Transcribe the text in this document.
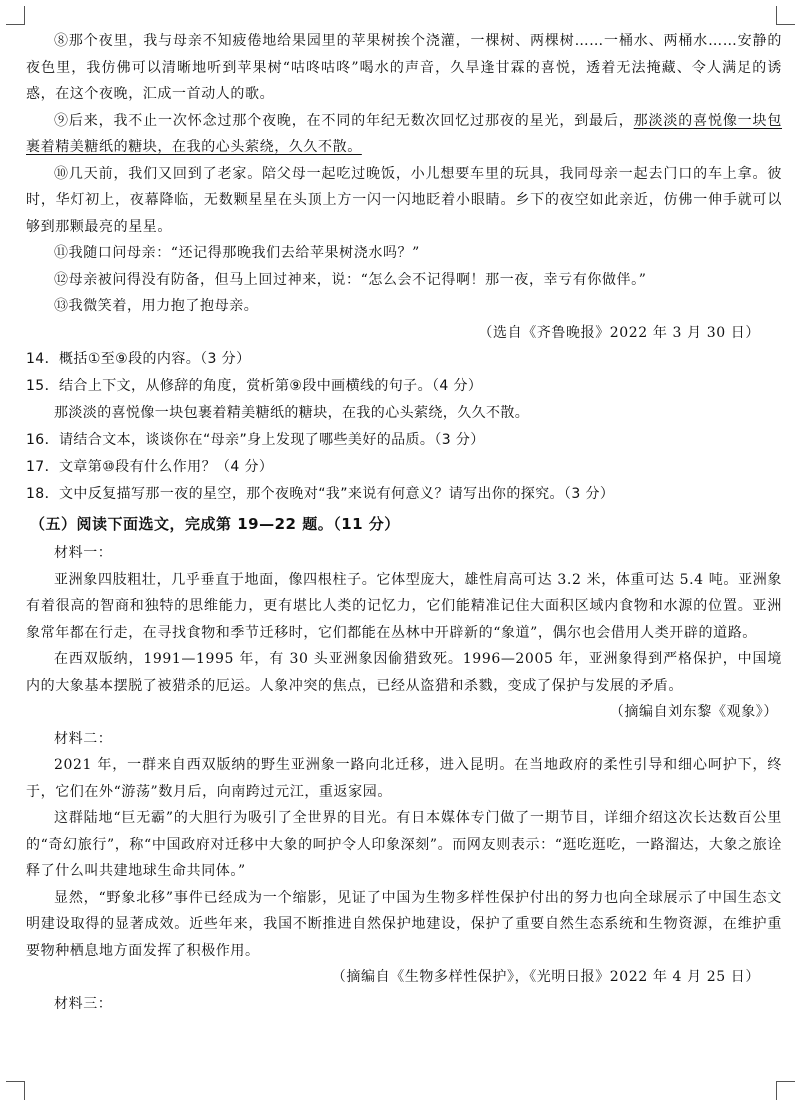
⑧那个夜里，我与母亲不知疲倦地给果园里的苹果树挨个浇灌，一棵树、两棵树……一桶水、两桶水……安静的夜色里，我仿佛可以清晰地听到苹果树“咕咚咕咚”喝水的声音，久旱逢甘霖的喜悦，透着无法掩藏、令人满足的诱惑，在这个夜晚，汇成一首动人的歌。

⑨后来，我不止一次怀念过那个夜晚，在不同的年纪无数次回忆过那夜的星光，到最后，那淡淡的喜悦像一块包裹着精美糖纸的糖块，在我的心头萦绕，久久不散。

⑩几天前，我们又回到了老家。陪父母一起吃过晚饭，小儿想要车里的玩具，我同母亲一起去门口的车上拿。彼时，华灯初上，夜幕降临，无数颗星星在头顶上方一闪一闪地眨着小眼睛。乡下的夜空如此亲近，仿佛一伸手就可以够到那颗最亮的星星。

⑪我随口问母亲：“还记得那晚我们去给苹果树浇水吗？”

⑫母亲被问得没有防备，但马上回过神来，说：“怎么会不记得啊！那一夜，幸亏有你做伴。”

⑬我微笑着，用力抱了抱母亲。

（选自《齐鲁晚报》2022 年 3 月 30 日）

14．概括①至⑨段的内容。（3 分）

15．结合上下文，从修辞的角度，赏析第⑨段中画横线的句子。（4 分）

那淡淡的喜悦像一块包裹着精美糖纸的糖块，在我的心头萦绕，久久不散。

16．请结合文本，谈谈你在“母亲”身上发现了哪些美好的品质。（3 分）

17．文章第⑩段有什么作用？（4 分）

18．文中反复描写那一夜的星空，那个夜晚对“我”来说有何意义？请写出你的探究。（3 分）

（五）阅读下面选文，完成第 19—22 题。（11 分）

材料一：

亚洲象四肢粗壮，几乎垂直于地面，像四根柱子。它体型庞大，雄性肩高可达 3.2 米，体重可达 5.4 吨。亚洲象有着很高的智商和独特的思维能力，更有堪比人类的记忆力，它们能精准记住大面积区域内食物和水源的位置。亚洲象常年都在行走，在寻找食物和季节迁移时，它们都能在丛林中开辟新的“象道”，偶尔也会借用人类开辟的道路。

在西双版纳，1991—1995 年，有 30 头亚洲象因偷猎致死。1996—2005 年，亚洲象得到严格保护，中国境内的大象基本摆脱了被猎杀的厄运。人象冲突的焦点，已经从盗猎和杀戮，变成了保护与发展的矛盾。

（摘编自刘东黎《观象》）

材料二：

2021 年，一群来自西双版纳的野生亚洲象一路向北迁移，进入昆明。在当地政府的柔性引导和细心呵护下，终于，它们在外“游荡”数月后，向南跨过元江，重返家园。

这群陆地“巨无霸”的大胆行为吸引了全世界的目光。有日本媒体专门做了一期节目，详细介绍这次长达数百公里的“奇幻旅行”，称“中国政府对迁移中大象的呵护令人印象深刻”。而网友则表示：“逛吃逛吃，一路溜达，大象之旅诠释了什么叫共建地球生命共同体。”

显然，“野象北移”事件已经成为一个缩影，见证了中国为生物多样性保护付出的努力也向全球展示了中国生态文明建设取得的显著成效。近些年来，我国不断推进自然保护地建设，保护了重要自然生态系统和生物资源，在维护重要物种栖息地方面发挥了积极作用。

（摘编自《生物多样性保护》，《光明日报》2022 年 4 月 25 日）

材料三：
